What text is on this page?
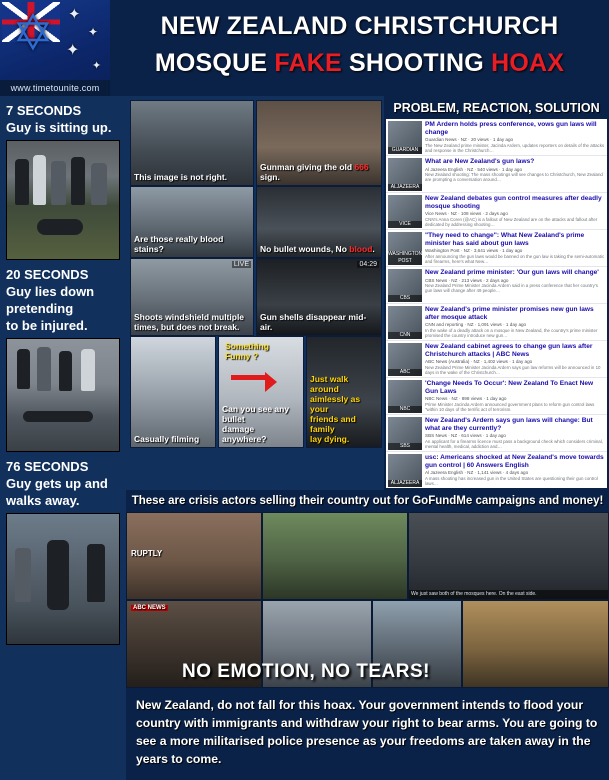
✦
✦
✦
✦
✡
www.timetounite.com
NEW ZEALAND CHRISTCHURCH
MOSQUE FAKE SHOOTING HOAX
7 SECONDS
Guy is sitting up.
20 SECONDS
Guy lies down
pretending
to be injured.
76 SECONDS
Guy gets up and
walks away.
This image is not right.
Gunman giving the old 666 sign.
Are those really blood stains?	No bullet wounds, No blood.
LIVE
Shoots windshield multiple
times, but does not break.
04:29
Gun shells disappear mid-air.
Casually filming
Something
Funny ?
Can you see any bullet
damage anywhere?
Just walk around
aimlessly as your
friends and family
lay dying.
PROBLEM, REACTION, SOLUTION
GUARDIAN
PM Ardern holds press conference, vows gun laws will change
Guardian News · NZ · 20 views · 1 day ago
The New Zealand prime minister, Jacinda Ardern, updates reporters on details of the attacks and response in the Christchurch…
ALJAZEERA
What are New Zealand's gun laws?
Al Jazeera English · NZ · 540 views · 1 day ago
New Zealand shooting: The mass shootings will see changes to Christchurch, New Zealand are prompting a conversation around…
VICE
New Zealand debates gun control measures after deadly mosque shooting
Vice News · NZ · 108 views · 2 days ago
CNN's Anna Coren (@AC) is a fallout of New Zealand are on the attacks and fallout after dedicated by addressing shooting…
WASHINGTON POST
"They need to change": What New Zealand's prime minister has said about gun laws
Washington Post · NZ · 3,641 views · 1 day ago
After announcing the gun laws would be banned on the gun law is taking the semi-automatic and firearms, here's what New…
CBS
New Zealand prime minister: 'Our gun laws will change'
CBS News · NZ · 213 views · 2 days ago
New Zealand Prime Minister Jacinda Ardern said in a press conference that her country's gun laws will change after 49 people…
CNN
New Zealand's prime minister promises new gun laws after mosque attack
CNN and reporting · NZ · 1,091 views · 1 day ago
In the wake of a deadly attack on a mosque in New Zealand, the country's prime minister promised the country introduce new gun…
ABC
New Zealand cabinet agrees to change gun laws after Christchurch attacks | ABC News
ABC News (Australia) · NZ · 1,402 views · 1 day ago
New Zealand Prime Minister Jacinda Ardern says gun law reforms will be announced in 10 days in the wake of the Christchurch…
NBC
'Change Needs To Occur': New Zealand To Enact New Gun Laws
NBC News · NZ · 898 views · 1 day ago
Prime Minister Jacinda Ardern announced government plans to reform gun control laws "within 10 days of the terrific act of terrorism.
SBS
New Zealand's Ardern says gun laws will change: But what are they currently?
SBS News · NZ · 614 views · 1 day ago
An applicant for a firearms licence must pass a background check which considers criminal, mental health, medical, addiction and…
ALJAZEERA
usc: Americans shocked at New Zealand's move towards gun control | 60 Answers English
Al Jazeera English · NZ · 1,141 views · 4 days ago
A mass shooting has increased gun in the United States are questioning their gun control laws…
These are crisis actors selling their country out for GoFundMe campaigns and money!
RUPTLY
We just saw both of the mosques here. On the east side.
ABC NEWS
NO EMOTION, NO TEARS!
New Zealand, do not fall for this hoax. Your government intends to flood your country with immigrants and withdraw your right to bear arms. You are going to see a more militarised police presence as your freedoms are taken away in the years to come.
